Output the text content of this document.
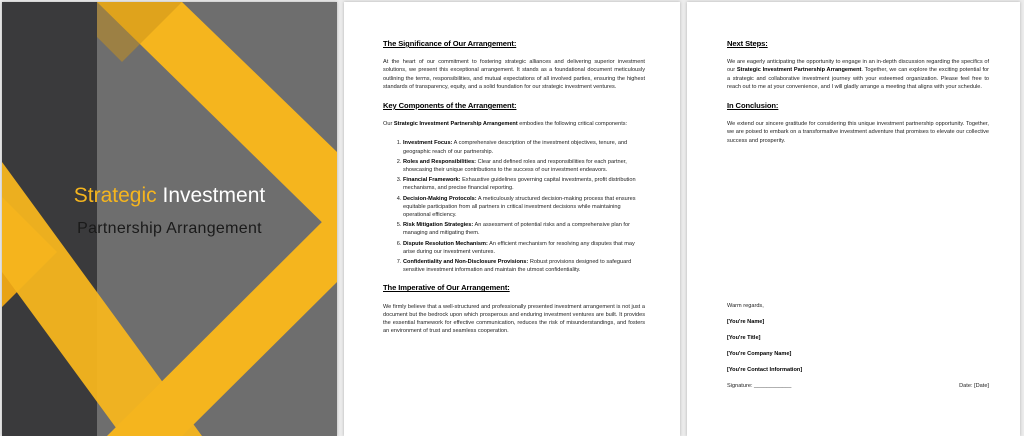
Strategic Investment
Partnership Arrangement
The Significance of Our Arrangement:
At the heart of our commitment to fostering strategic alliances and delivering superior investment solutions, we present this exceptional arrangement. It stands as a foundational document meticulously outlining the terms, responsibilities, and mutual expectations of all involved parties, ensuring the highest standards of transparency, equity, and a solid foundation for our strategic investment ventures.
Key Components of the Arrangement:
Our Strategic Investment Partnership Arrangement embodies the following critical components:
1. Investment Focus: A comprehensive description of the investment objectives, tenure, and geographic reach of our partnership.
2. Roles and Responsibilities: Clear and defined roles and responsibilities for each partner, showcasing their unique contributions to the success of our investment endeavors.
3. Financial Framework: Exhaustive guidelines governing capital investments, profit distribution mechanisms, and precise financial reporting.
4. Decision-Making Protocols: A meticulously structured decision-making process that ensures equitable participation from all partners in critical investment decisions while maintaining operational efficiency.
5. Risk Mitigation Strategies: An assessment of potential risks and a comprehensive plan for managing and mitigating them.
6. Dispute Resolution Mechanism: An efficient mechanism for resolving any disputes that may arise during our investment ventures.
7. Confidentiality and Non-Disclosure Provisions: Robust provisions designed to safeguard sensitive investment information and maintain the utmost confidentiality.
The Imperative of Our Arrangement:
We firmly believe that a well-structured and professionally presented investment arrangement is not just a document but the bedrock upon which prosperous and enduring investment ventures are built. It provides the essential framework for effective communication, reduces the risk of misunderstandings, and fosters an environment of trust and seamless cooperation.
Next Steps:
We are eagerly anticipating the opportunity to engage in an in-depth discussion regarding the specifics of our Strategic Investment Partnership Arrangement. Together, we can explore the exciting potential for a strategic and collaborative investment journey with your esteemed organization. Please feel free to reach out to me at your convenience, and I will gladly arrange a meeting that aligns with your schedule.
In Conclusion:
We extend our sincere gratitude for considering this unique investment partnership opportunity. Together, we are poised to embark on a transformative investment adventure that promises to elevate our collective success and prosperity.
Warm regards,
[You're Name]
[You're Title]
[You're Company Name]
[You're Contact Information]
Signature: ____________	Date: [Date]
